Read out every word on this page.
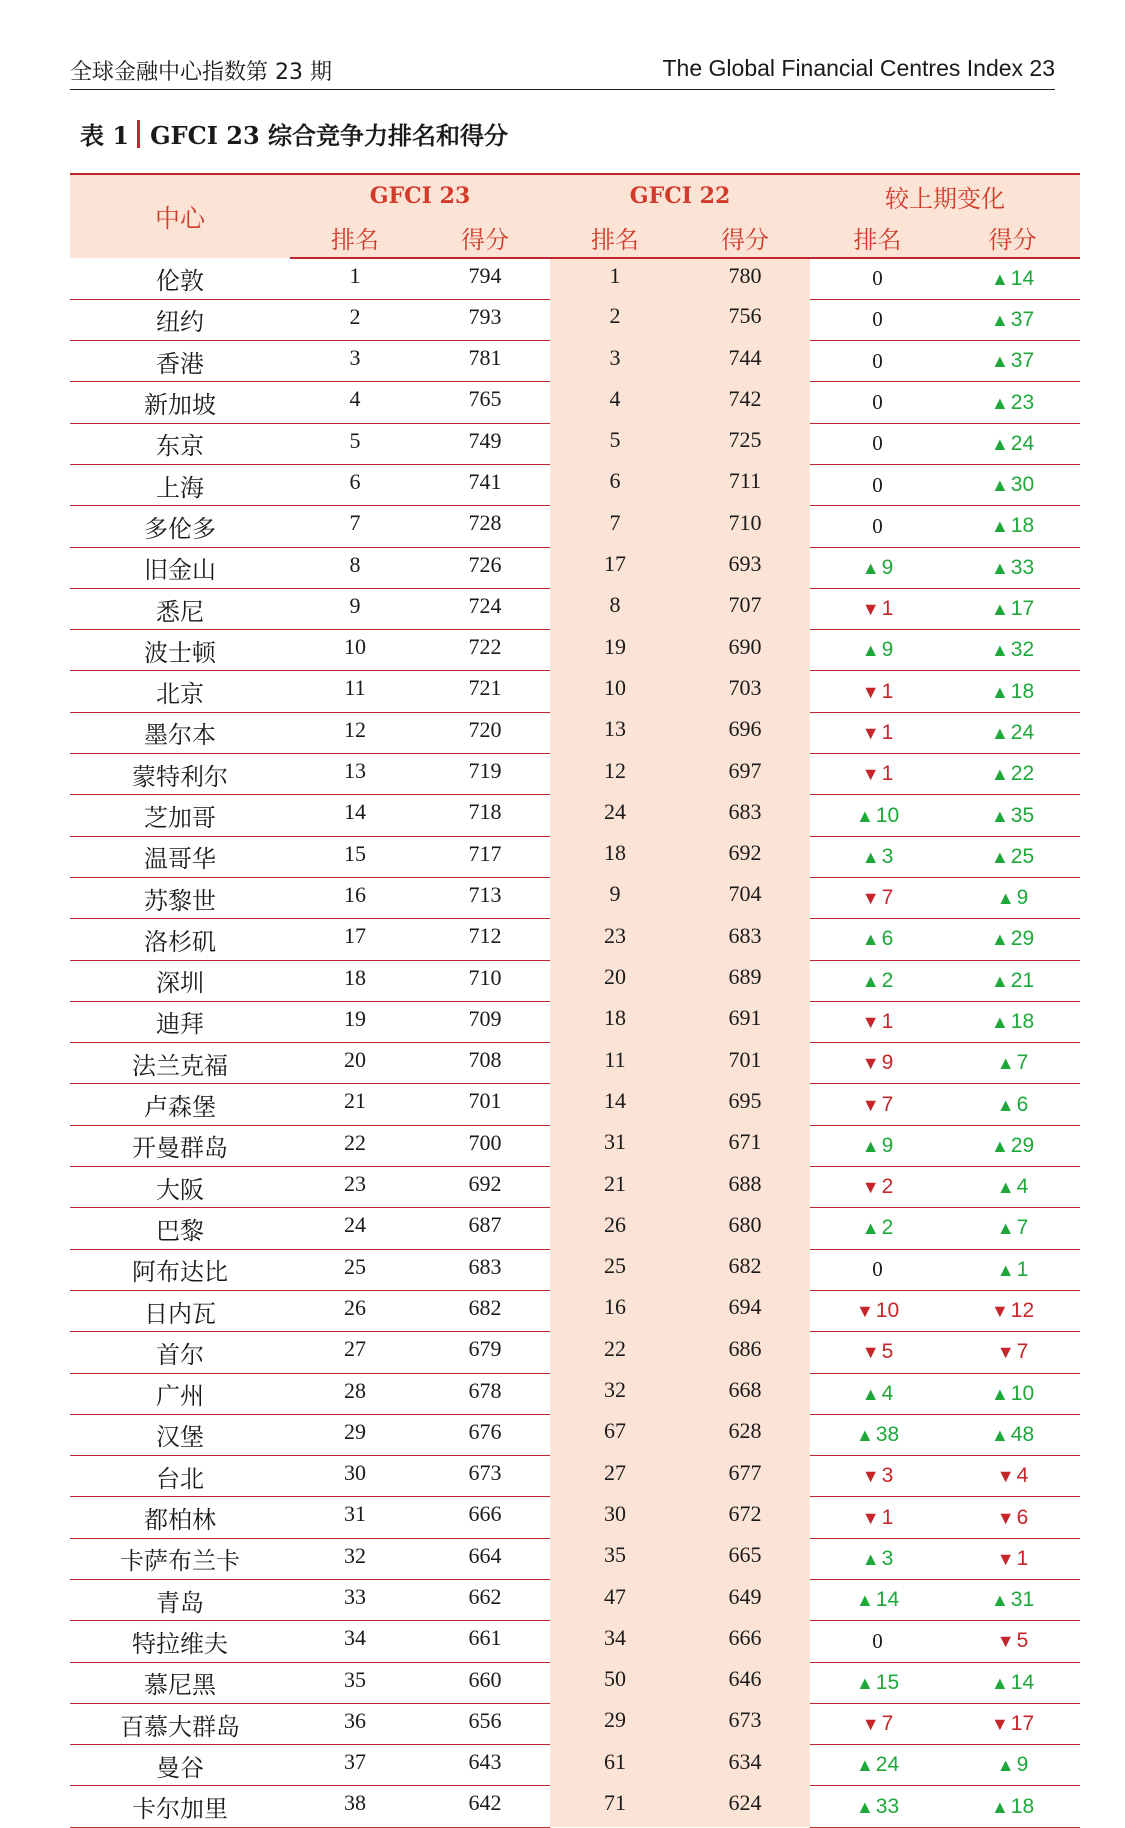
全球金融中心指数第 23 期	The Global Financial Centres Index 23
表 1 GFCI 23 综合竞争力排名和得分
中心	GFCI 23		GFCI 22		较上期变化	
	排名	得分	排名	得分	排名	得分
伦敦	1	794	1	780	0	▲14
纽约	2	793	2	756	0	▲37
香港	3	781	3	744	0	▲37
新加坡	4	765	4	742	0	▲23
东京	5	749	5	725	0	▲24
上海	6	741	6	711	0	▲30
多伦多	7	728	7	710	0	▲18
旧金山	8	726	17	693	▲9	▲33
悉尼	9	724	8	707	▼1	▲17
波士顿	10	722	19	690	▲9	▲32
北京	11	721	10	703	▼1	▲18
墨尔本	12	720	13	696	▼1	▲24
蒙特利尔	13	719	12	697	▼1	▲22
芝加哥	14	718	24	683	▲10	▲35
温哥华	15	717	18	692	▲3	▲25
苏黎世	16	713	9	704	▼7	▲9
洛杉矶	17	712	23	683	▲6	▲29
深圳	18	710	20	689	▲2	▲21
迪拜	19	709	18	691	▼1	▲18
法兰克福	20	708	11	701	▼9	▲7
卢森堡	21	701	14	695	▼7	▲6
开曼群岛	22	700	31	671	▲9	▲29
大阪	23	692	21	688	▼2	▲4
巴黎	24	687	26	680	▲2	▲7
阿布达比	25	683	25	682	0	▲1
日内瓦	26	682	16	694	▼10	▼12
首尔	27	679	22	686	▼5	▼7
广州	28	678	32	668	▲4	▲10
汉堡	29	676	67	628	▲38	▲48
台北	30	673	27	677	▼3	▼4
都柏林	31	666	30	672	▼1	▼6
卡萨布兰卡	32	664	35	665	▲3	▼1
青岛	33	662	47	649	▲14	▲31
特拉维夫	34	661	34	666	0	▼5
慕尼黑	35	660	50	646	▲15	▲14
百慕大群岛	36	656	29	673	▼7	▼17
曼谷	37	643	61	634	▲24	▲9
卡尔加里	38	642	71	624	▲33	▲18
